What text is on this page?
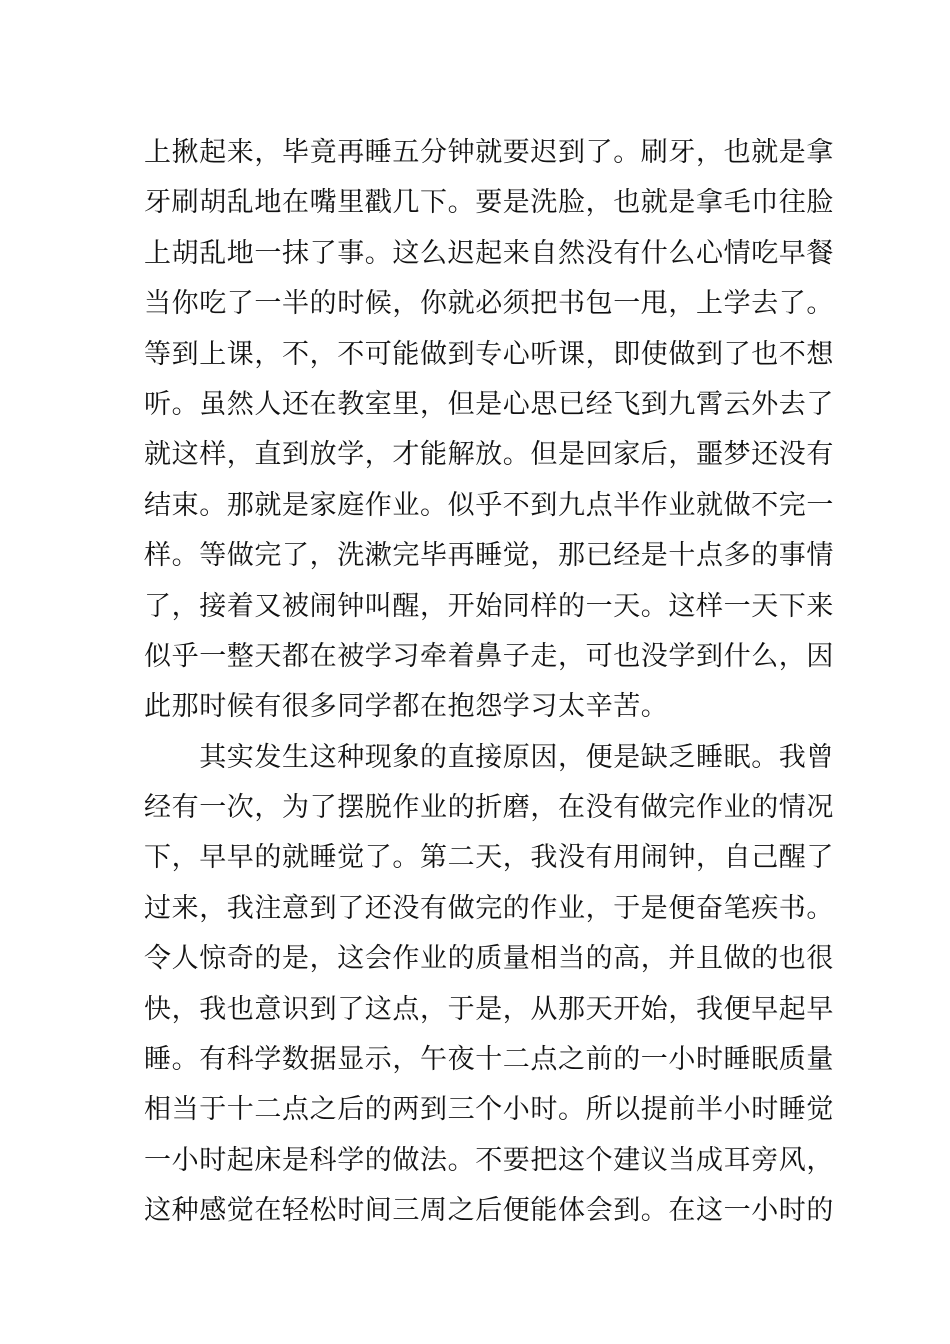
上揪起来，毕竟再睡五分钟就要迟到了。刷牙，也就是拿
牙刷胡乱地在嘴里戳几下。要是洗脸，也就是拿毛巾往脸
上胡乱地一抹了事。这么迟起来自然没有什么心情吃早餐
当你吃了一半的时候，你就必须把书包一甩，上学去了。
等到上课，不，不可能做到专心听课，即使做到了也不想
听。虽然人还在教室里，但是心思已经飞到九霄云外去了
就这样，直到放学，才能解放。但是回家后，噩梦还没有
结束。那就是家庭作业。似乎不到九点半作业就做不完一
样。等做完了，洗漱完毕再睡觉，那已经是十点多的事情
了，接着又被闹钟叫醒，开始同样的一天。这样一天下来
似乎一整天都在被学习牵着鼻子走，可也没学到什么，因
此那时候有很多同学都在抱怨学习太辛苦。
　　其实发生这种现象的直接原因，便是缺乏睡眠。我曾
经有一次，为了摆脱作业的折磨，在没有做完作业的情况
下，早早的就睡觉了。第二天，我没有用闹钟，自己醒了
过来，我注意到了还没有做完的作业，于是便奋笔疾书。
令人惊奇的是，这会作业的质量相当的高，并且做的也很
快，我也意识到了这点，于是，从那天开始，我便早起早
睡。有科学数据显示，午夜十二点之前的一小时睡眠质量
相当于十二点之后的两到三个小时。所以提前半小时睡觉
一小时起床是科学的做法。不要把这个建议当成耳旁风，
这种感觉在轻松时间三周之后便能体会到。在这一小时的
